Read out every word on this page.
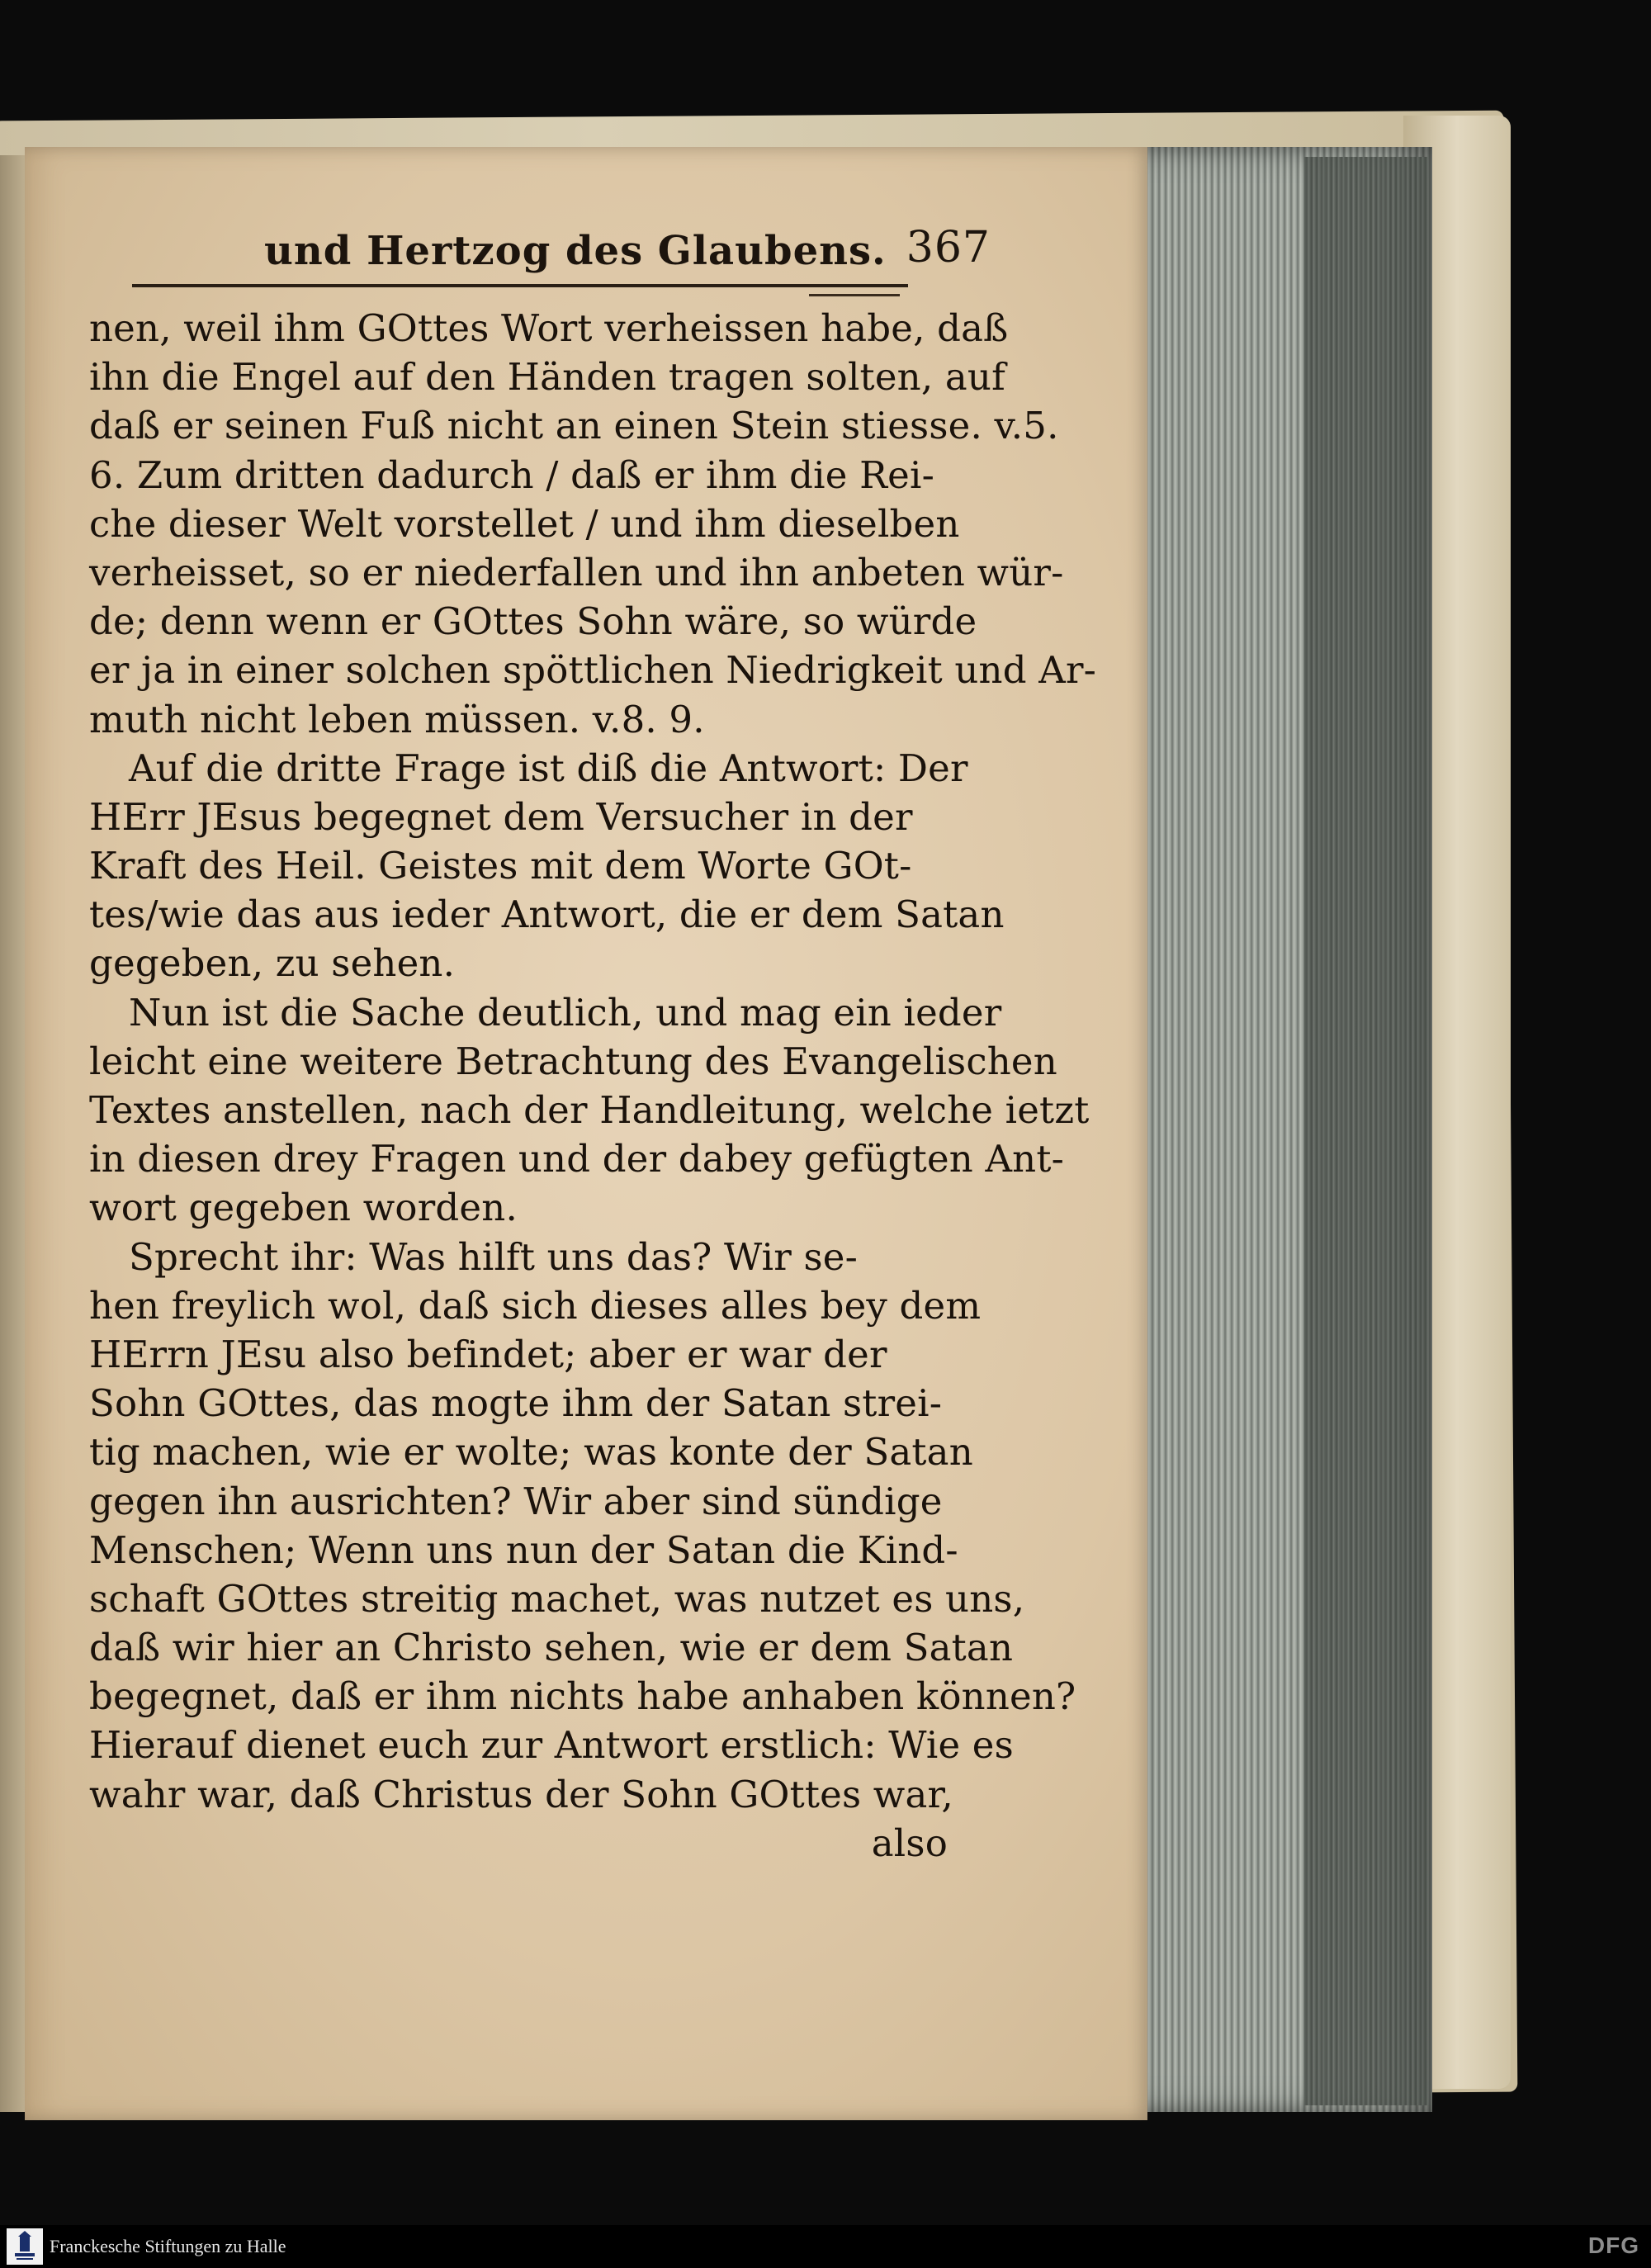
und Hertzog des Glaubens. 367
nen, weil ihm GOttes Wort verheissen habe, daß
ihn die Engel auf den Händen tragen solten, auf
daß er seinen Fuß nicht an einen Stein stiesse. v.5.
6. Zum dritten dadurch / daß er ihm die Rei-
che dieser Welt vorstellet / und ihm dieselben
verheisset, so er niederfallen und ihn anbeten wür-
de; denn wenn er GOttes Sohn wäre, so würde
er ja in einer solchen spöttlichen Niedrigkeit und Ar-
muth nicht leben müssen. v.8. 9.
Auf die dritte Frage ist diß die Antwort: Der
HErr JEsus begegnet dem Versucher in der
Kraft des Heil. Geistes mit dem Worte GOt-
tes/wie das aus ieder Antwort, die er dem Satan
gegeben, zu sehen.
Nun ist die Sache deutlich, und mag ein ieder
leicht eine weitere Betrachtung des Evangelischen
Textes anstellen, nach der Handleitung, welche ietzt
in diesen drey Fragen und der dabey gefügten Ant-
wort gegeben worden.
Sprecht ihr: Was hilft uns das? Wir se-
hen freylich wol, daß sich dieses alles bey dem
HErrn JEsu also befindet; aber er war der
Sohn GOttes, das mogte ihm der Satan strei-
tig machen, wie er wolte; was konte der Satan
gegen ihn ausrichten? Wir aber sind sündige
Menschen; Wenn uns nun der Satan die Kind-
schaft GOttes streitig machet, was nutzet es uns,
daß wir hier an Christo sehen, wie er dem Satan
begegnet, daß er ihm nichts habe anhaben können?
Hierauf dienet euch zur Antwort erstlich: Wie es
wahr war, daß Christus der Sohn GOttes war,
also
Franckesche Stiftungen zu Halle	DFG
